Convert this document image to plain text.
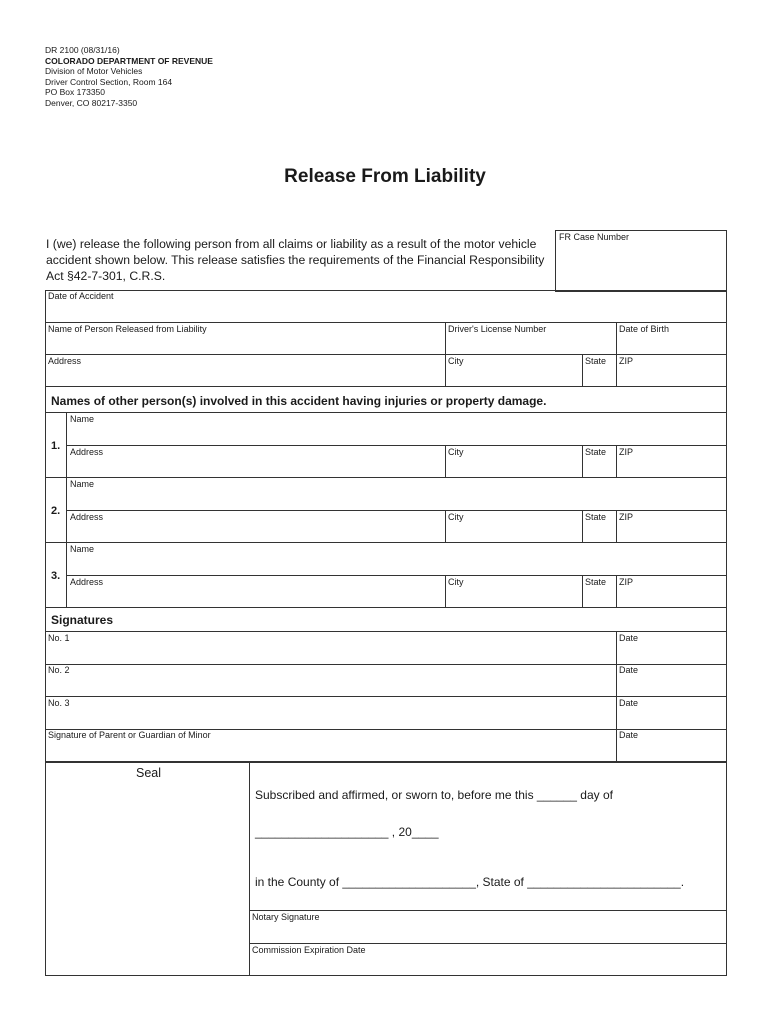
DR 2100 (08/31/16)
COLORADO DEPARTMENT OF REVENUE
Division of Motor Vehicles
Driver Control Section, Room 164
PO Box 173350
Denver, CO 80217-3350
Release From Liability
I (we) release the following person from all claims or liability as a result of the motor vehicle accident shown below. This release satisfies the requirements of the Financial Responsibility Act §42-7-301, C.R.S.
FR Case Number
Date of Accident
Name of Person Released from Liability	Driver's License Number	Date of Birth
Address	City	State ZIP
Names of other person(s) involved in this accident having injuries or property damage.
1.
Name
Address	City	State ZIP
2.
Name
Address	City	State ZIP
3.
Name
Address	City	State ZIP
Signatures
No. 1	Date
No. 2	Date
No. 3	Date
Signature of Parent or Guardian of Minor	Date
Seal
Subscribed and affirmed, or sworn to, before me this ______ day of
____________________ , 20____
in the County of ____________________, State of _______________________.
Notary Signature
Commission Expiration Date
